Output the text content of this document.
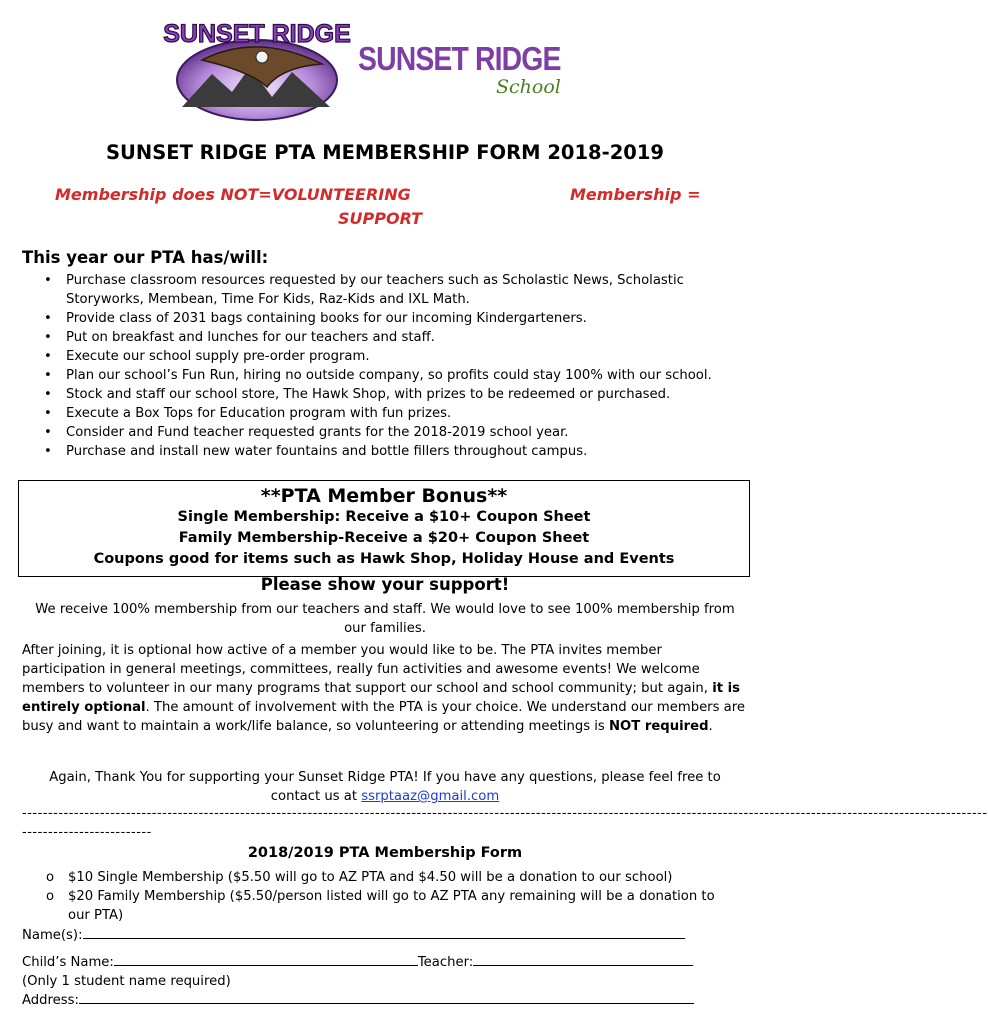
SUNSET RIDGE
SUNSET RIDGE
School
SUNSET RIDGE PTA MEMBERSHIP FORM 2018-2019
Membership does NOT=VOLUNTEERING	Membership =
SUPPORT
This year our PTA has/will:
• Purchase classroom resources requested by our teachers such as Scholastic News, Scholastic Storyworks, Membean, Time For Kids, Raz-Kids and IXL Math.
• Provide class of 2031 bags containing books for our incoming Kindergarteners.
• Put on breakfast and lunches for our teachers and staff.
• Execute our school supply pre-order program.
• Plan our school’s Fun Run, hiring no outside company, so profits could stay 100% with our school.
• Stock and staff our school store, The Hawk Shop, with prizes to be redeemed or purchased.
• Execute a Box Tops for Education program with fun prizes.
• Consider and Fund teacher requested grants for the 2018-2019 school year.
• Purchase and install new water fountains and bottle fillers throughout campus.
**PTA Member Bonus**
Single Membership: Receive a $10+ Coupon Sheet
Family Membership-Receive a $20+ Coupon Sheet
Coupons good for items such as Hawk Shop, Holiday House and Events
Please show your support!

We receive 100% membership from our teachers and staff. We would love to see 100% membership from our families.

After joining, it is optional how active of a member you would like to be. The PTA invites member participation in general meetings, committees, really fun activities and awesome events! We welcome members to volunteer in our many programs that support our school and school community; but again, it is entirely optional. The amount of involvement with the PTA is your choice. We understand our members are busy and want to maintain a work/life balance, so volunteering or attending meetings is NOT required.

Again, Thank You for supporting your Sunset Ridge PTA! If you have any questions, please feel free to contact us at ssrptaaz@gmail.com

------------------------------------------------------------------------------------------------------------------------------------------------------------------------------------------
-------------------------
2018/2019 PTA Membership Form
o $10 Single Membership ($5.50 will go to AZ PTA and $4.50 will be a donation to our school)
o $20 Family Membership ($5.50/person listed will go to AZ PTA any remaining will be a donation to our PTA)
Name(s):
Child’s Name:	Teacher:
(Only 1 student name required)
Address:
